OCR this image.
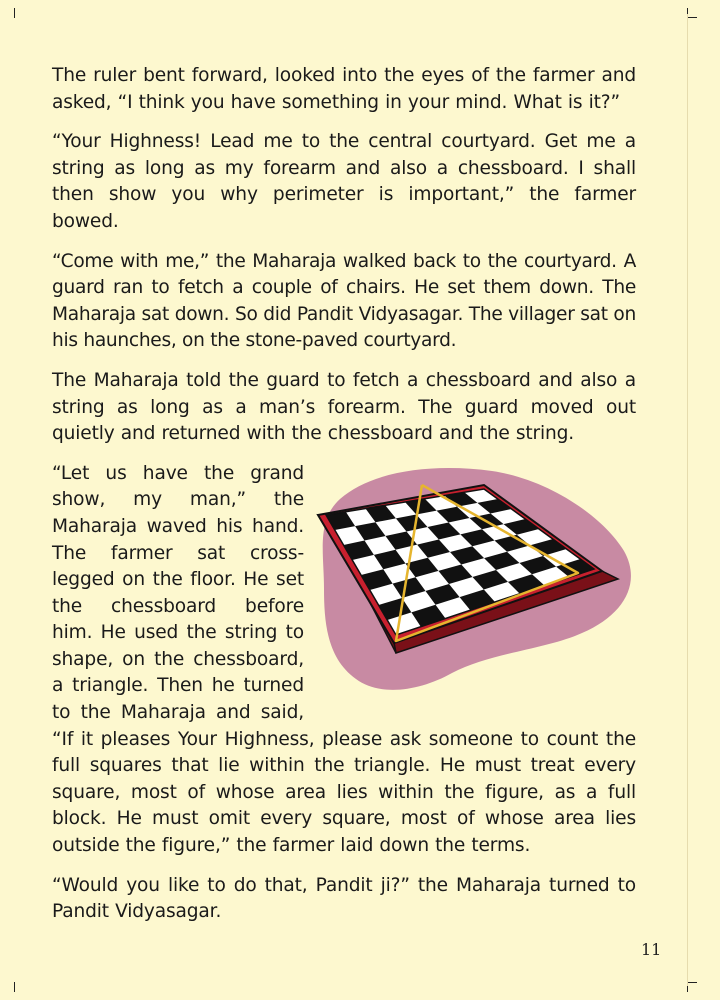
The ruler bent forward, looked into the eyes of the farmer and asked, “I think you have something in your mind. What is it?”

“Your Highness! Lead me to the central courtyard. Get me a string as long as my forearm and also a chessboard. I shall then show you why perimeter is important,” the farmer bowed.

“Come with me,” the Maharaja walked back to the courtyard. A guard ran to fetch a couple of chairs. He set them down. The Maharaja sat down. So did Pandit Vidyasagar. The villager sat on his haunches, on the stone-paved courtyard.

The Maharaja told the guard to fetch a chessboard and also a string as long as a man’s forearm. The guard moved out quietly and returned with the chessboard and the string.

“Let us have the grand show, my man,” the Maharaja waved his hand. The farmer sat cross-legged on the floor. He set the chessboard before him. He used the string to shape, on the chessboard, a triangle. Then he turned to the Maharaja and said, “If it pleases Your Highness, please ask someone to count the full squares that lie within the triangle. He must treat every square, most of whose area lies within the figure, as a full block. He must omit every square, most of whose area lies outside the figure,” the farmer laid down the terms.

“Would you like to do that, Pandit ji?” the Maharaja turned to Pandit Vidyasagar.

11
